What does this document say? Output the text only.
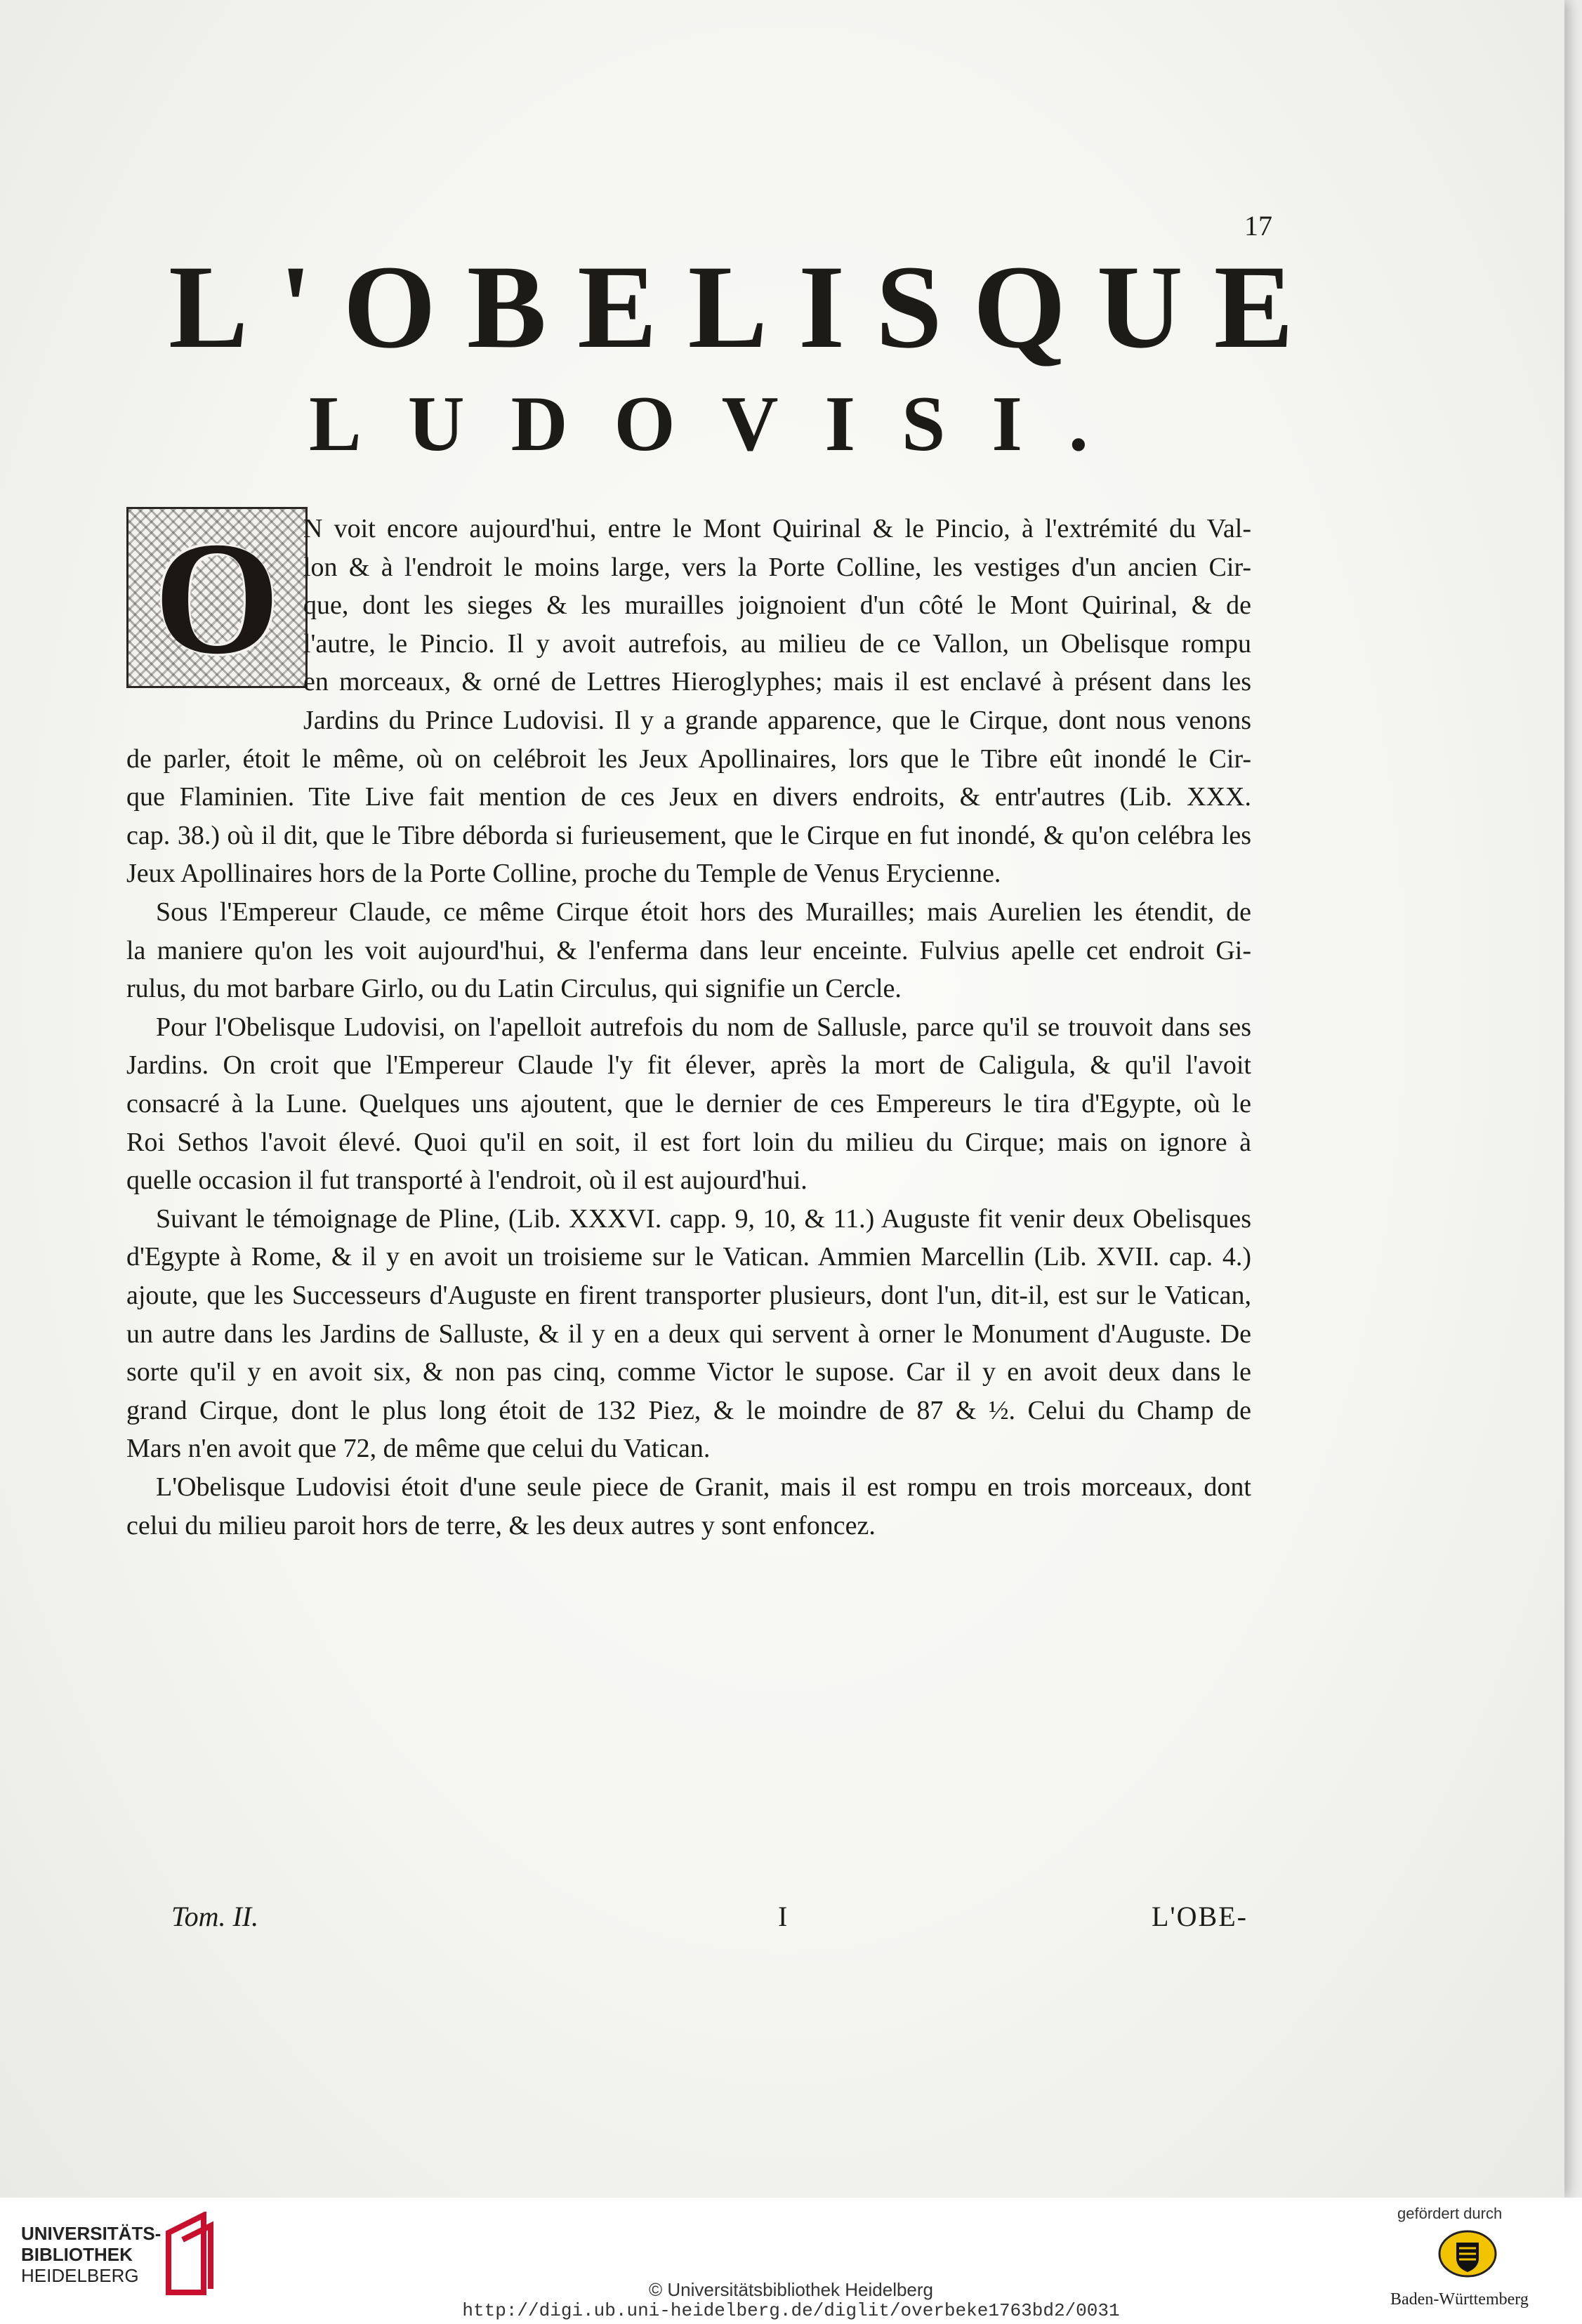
17
L'OBELISQUE
LUDOVISI.
O N voit encore aujourd'hui, entre le Mont Quirinal & le Pincio, à l'extrémité du Val-
lon & à l'endroit le moins large, vers la Porte Colline, les vestiges d'un ancien Cir-
que, dont les sieges & les murailles joignoient d'un côté le Mont Quirinal, & de
l'autre, le Pincio. Il y avoit autrefois, au milieu de ce Vallon, un Obelisque rompu
en morceaux, & orné de Lettres Hieroglyphes; mais il est enclavé à présent dans les
Jardins du Prince Ludovisi. Il y a grande apparence, que le Cirque, dont nous venons
de parler, étoit le même, où on celébroit les Jeux Apollinaires, lors que le Tibre eût inondé le Cir-
que Flaminien. Tite Live fait mention de ces Jeux en divers endroits, & entr'autres (Lib. XXX.
cap. 38.) où il dit, que le Tibre déborda si furieusement, que le Cirque en fut inondé, & qu'on celébra les
Jeux Apollinaires hors de la Porte Colline, proche du Temple de Venus Erycienne.
Sous l'Empereur Claude, ce même Cirque étoit hors des Murailles; mais Aurelien les étendit, de
la maniere qu'on les voit aujourd'hui, & l'enferma dans leur enceinte. Fulvius apelle cet endroit Gi-
rulus, du mot barbare Girlo, ou du Latin Circulus, qui signifie un Cercle.
Pour l'Obelisque Ludovisi, on l'apelloit autrefois du nom de Sallusle, parce qu'il se trouvoit dans ses
Jardins. On croit que l'Empereur Claude l'y fit élever, après la mort de Caligula, & qu'il l'avoit
consacré à la Lune. Quelques uns ajoutent, que le dernier de ces Empereurs le tira d'Egypte, où le
Roi Sethos l'avoit élevé. Quoi qu'il en soit, il est fort loin du milieu du Cirque; mais on ignore à
quelle occasion il fut transporté à l'endroit, où il est aujourd'hui.
Suivant le témoignage de Pline, (Lib. XXXVI. capp. 9, 10, & 11.) Auguste fit venir deux Obelisques
d'Egypte à Rome, & il y en avoit un troisieme sur le Vatican. Ammien Marcellin (Lib. XVII. cap. 4.)
ajoute, que les Successeurs d'Auguste en firent transporter plusieurs, dont l'un, dit-il, est sur le Vatican,
un autre dans les Jardins de Salluste, & il y en a deux qui servent à orner le Monument d'Auguste. De
sorte qu'il y en avoit six, & non pas cinq, comme Victor le supose. Car il y en avoit deux dans le
grand Cirque, dont le plus long étoit de 132 Piez, & le moindre de 87 & ½. Celui du Champ de
Mars n'en avoit que 72, de même que celui du Vatican.
L'Obelisque Ludovisi étoit d'une seule piece de Granit, mais il est rompu en trois morceaux, dont
celui du milieu paroit hors de terre, & les deux autres y sont enfoncez.
Tom. II.	I	L'OBE-
UNIVERSITÄTS-
BIBLIOTHEK
HEIDELBERG
© Universitätsbibliothek Heidelberg
http://digi.ub.uni-heidelberg.de/diglit/overbeke1763bd2/0031
gefördert durch
Baden-Württemberg
